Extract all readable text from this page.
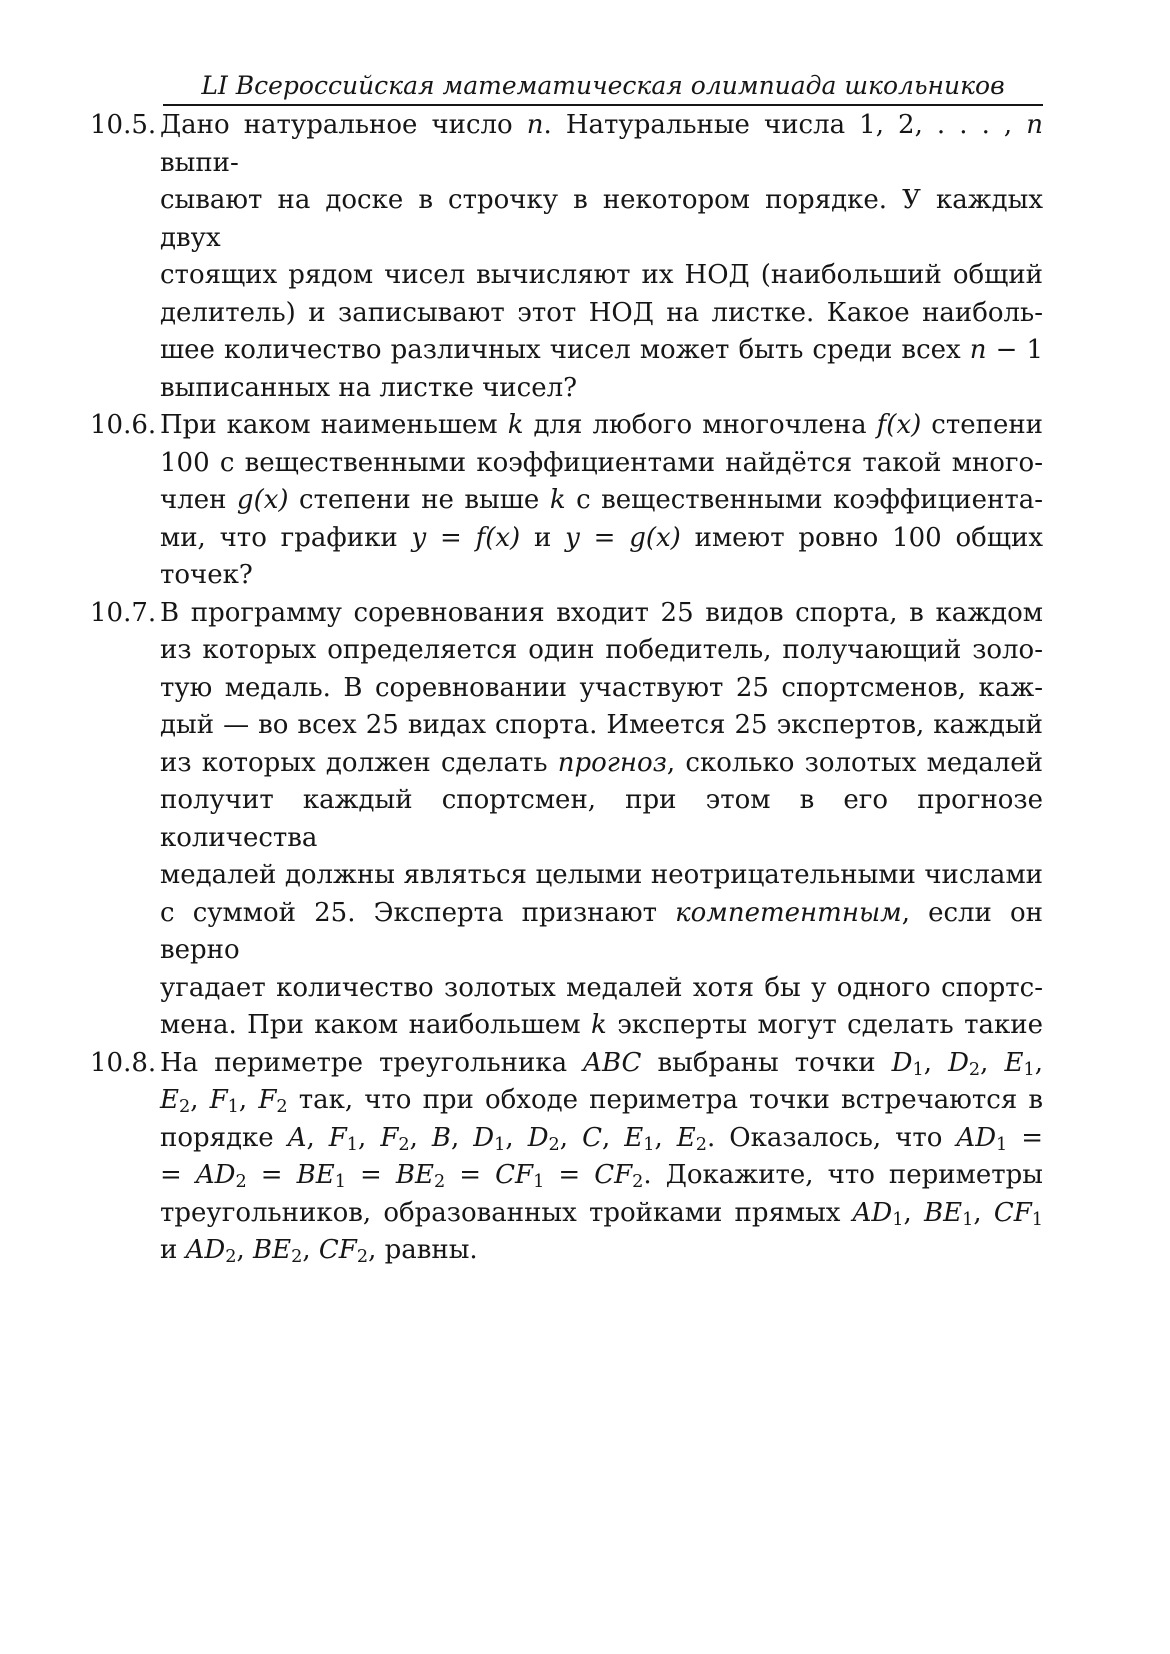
LI Всероссийская математическая олимпиада школьников
10.5. Дано натуральное число n. Натуральные числа 1, 2, . . . , n выпи-
сывают на доске в строчку в некотором порядке. У каждых двух
стоящих рядом чисел вычисляют их НОД (наибольший общий
делитель) и записывают этот НОД на листке. Какое наиболь-
шее количество различных чисел может быть среди всех n − 1
выписанных на листке чисел?
10.6. При каком наименьшем k для любого многочлена f(x) степени
100 с вещественными коэффициентами найдётся такой много-
член g(x) степени не выше k с вещественными коэффициента-
ми, что графики y = f(x) и y = g(x) имеют ровно 100 общих
точек?
10.7. В программу соревнования входит 25 видов спорта, в каждом
из которых определяется один победитель, получающий золо-
тую медаль. В соревновании участвуют 25 спортсменов, каж-
дый — во всех 25 видах спорта. Имеется 25 экспертов, каждый
из которых должен сделать прогноз, сколько золотых медалей
получит каждый спортсмен, при этом в его прогнозе количества
медалей должны являться целыми неотрицательными числами
с суммой 25. Эксперта признают компетентным, если он верно
угадает количество золотых медалей хотя бы у одного спортс-
мена. При каком наибольшем k эксперты могут сделать такие
10.8. На периметре треугольника ABC выбраны точки $D_1$, $D_2$, $E_1$,
$E_2$, $F_1$, $F_2$ так, что при обходе периметра точки встречаются в
порядке A, $F_1$, $F_2$, B, $D_1$, $D_2$, C, $E_1$, $E_2$. Оказалось, что $AD_1$ =
= $AD_2 = BE_1 = BE_2 = CF_1 = CF_2$. Докажите, что периметры
треугольников, образованных тройками прямых $AD_1$, $BE_1$, $CF_1$
и $AD_2$, $BE_2$, $CF_2$, равны.
